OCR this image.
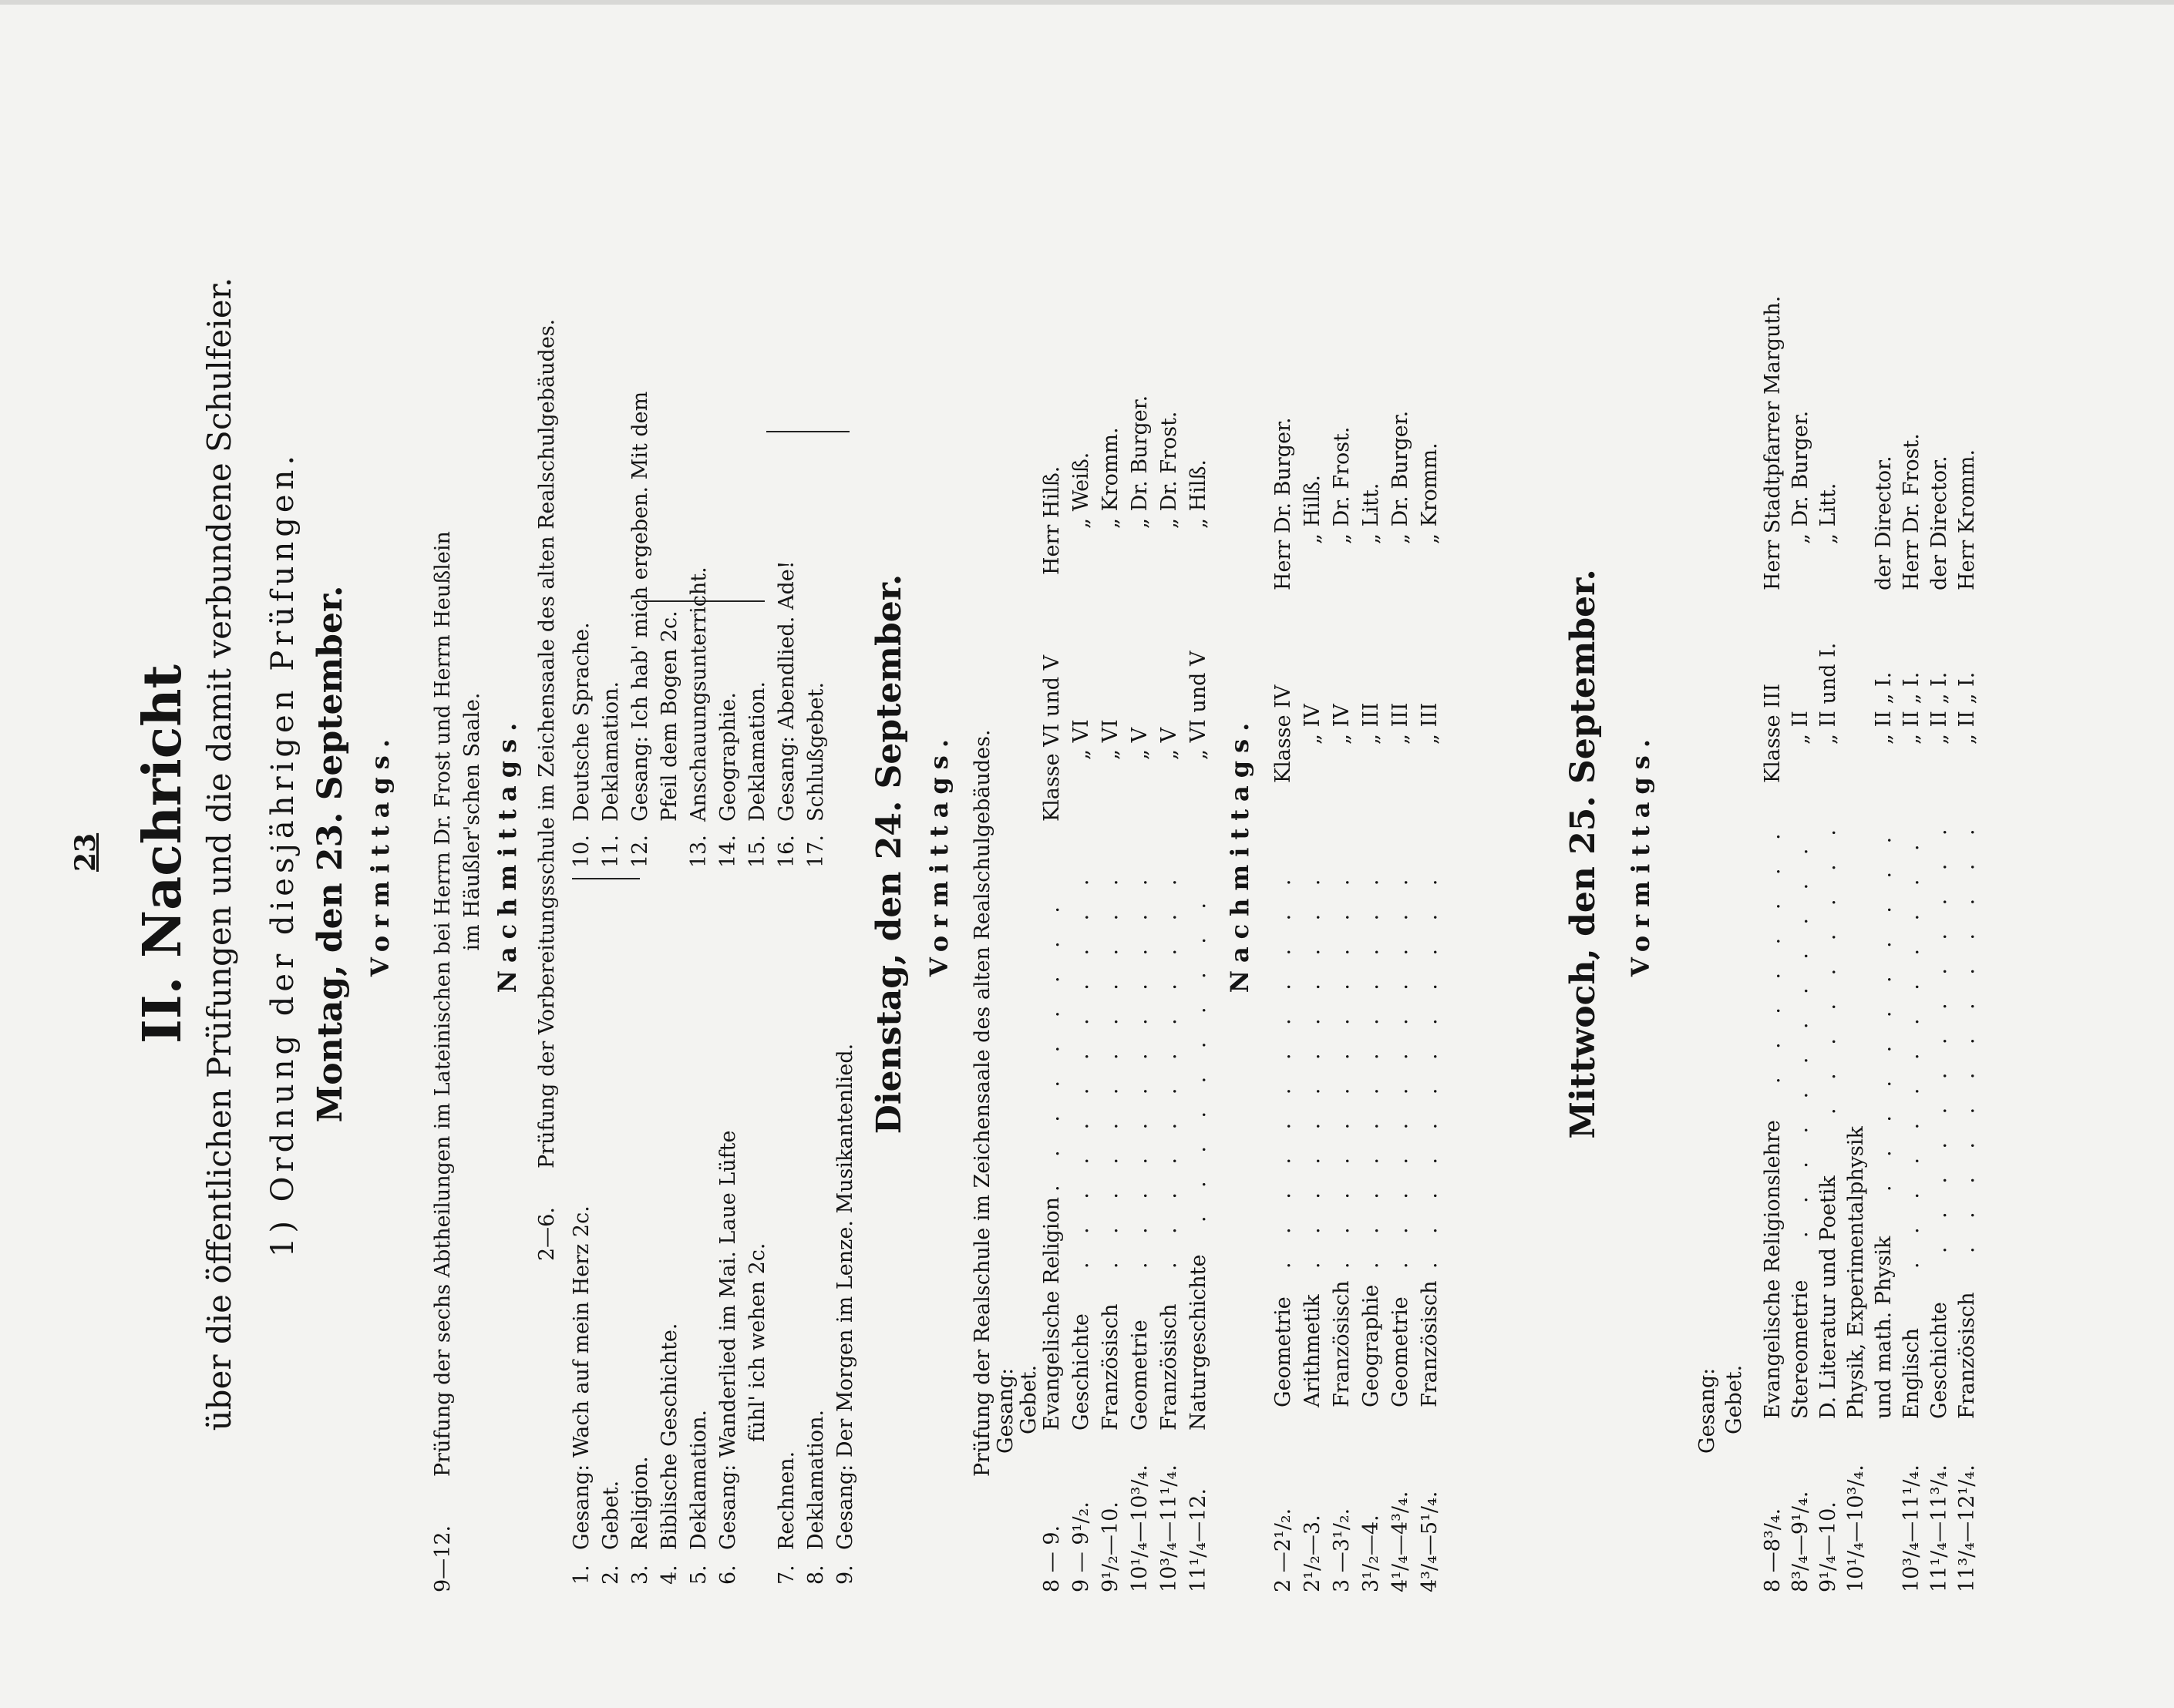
23 II. Nachricht über die öffentlichen Prüfungen und die damit verbundene Schulfeier. 1) Ordnung der diesjährigen Prüfungen. Montag, den 23. September. Vormittags.
9—12.
Prüfung der sechs Abtheilungen im Lateinischen bei Herrn Dr. Frost und Herrn Heußlein im Häußler'schen Saale. Nachmittags.
2—6.
Prüfung der Vorbereitungsschule im Zeichensaale des alten Realschulgebäudes.
1.
Gesang: Wach auf mein Herz 2c.
2.
Gebet.
3.
Religion.
4.
Biblische Geschichte.
5.
Deklamation.
6.
Gesang: Wanderlied im Mai. Laue Lüfte fühl' ich wehen 2c.
7.
Rechnen.
8.
Deklamation.
9.
Gesang: Der Morgen im Lenze. Musikantenlied.
10.
Deutsche Sprache.
11.
Deklamation.
12.
Gesang: Ich hab' mich ergeben. Mit dem Pfeil dem Bogen 2c.
13.
Anschauungsunterricht.
14.
Geographie.
15.
Deklamation.
16.
Gesang: Abendlied. Ade!
17.
Schlußgebet. Dienstag, den 24. September. Vormittags. Prüfung der Realschule im Zeichensaale des alten Realschulgebäudes. Gesang: Gebet.
8 — 9.
Evangelische Religion
. . . . . . . . .
Klasse VI und V
Herr Hilß.
9 — 9¹/₂.
Geschichte
. . . . . . . . . . . .
„ VI
„ Weiß.
9¹/₂—10.
Französisch
. . . . . . . . . . . .
„ VI
„ Kromm.
10¹/₄—10³/₄.
Geometrie
. . . . . . . . . . . .
„ V
„ Dr. Burger.
10³/₄—11¹/₄.
Französisch
. . . . . . . . . . . .
„ V
„ Dr. Frost.
11¹/₄—12.
Naturgeschichte
. . . . . . . . . .
„ VI und V
„ Hilß.
Nachmittags.
2 —2¹/₂.
Geometrie
. . . . . . . . . . . .
Klasse IV
Herr Dr. Burger.
2¹/₂—3.
Arithmetik
. . . . . . . . . . . .
„ IV
„ Hilß.
3 —3¹/₂.
Französisch
. . . . . . . . . . . .
„ IV
„ Dr. Frost.
3¹/₂—4.
Geographie
. . . . . . . . . . . .
„ III
„ Litt.
4¹/₄—4³/₄.
Geometrie
. . . . . . . . . . . .
„ III
„ Dr. Burger.
4³/₄—5¹/₄.
Französisch
. . . . . . . . . . . .
„ III
„ Kromm.
Mittwoch, den 25. September. Vormittags.
Gesang: Gebet.
8 —8³/₄.
Evangelische Religionslehre
. . . . . . . .
Klasse III
Herr Stadtpfarrer Marguth.
8³/₄—9¹/₄.
Stereometrie
. . . . . . . . . . . .
„ II
„ Dr. Burger.
9¹/₄—10.
D. Literatur und Poetik
. . . . . . . . .
„ II und I.
„ Litt.
10¹/₄—10³/₄.
Physik, Experimentalphysik und math. Physik
. . . . . . . . . . .
„ II „ I.
der Director.
10³/₄—11¹/₄.
Englisch
. . . . . . . . . . . . .
„ II „ I.
Herr Dr. Frost.
11¹/₄—11³/₄.
Geschichte
. . . . . . . . . . . . .
„ II „ I.
der Director.
11³/₄—12¹/₄.
Französisch
. . . . . . . . . . . . .
„ II „ I.
Herr Kromm.
